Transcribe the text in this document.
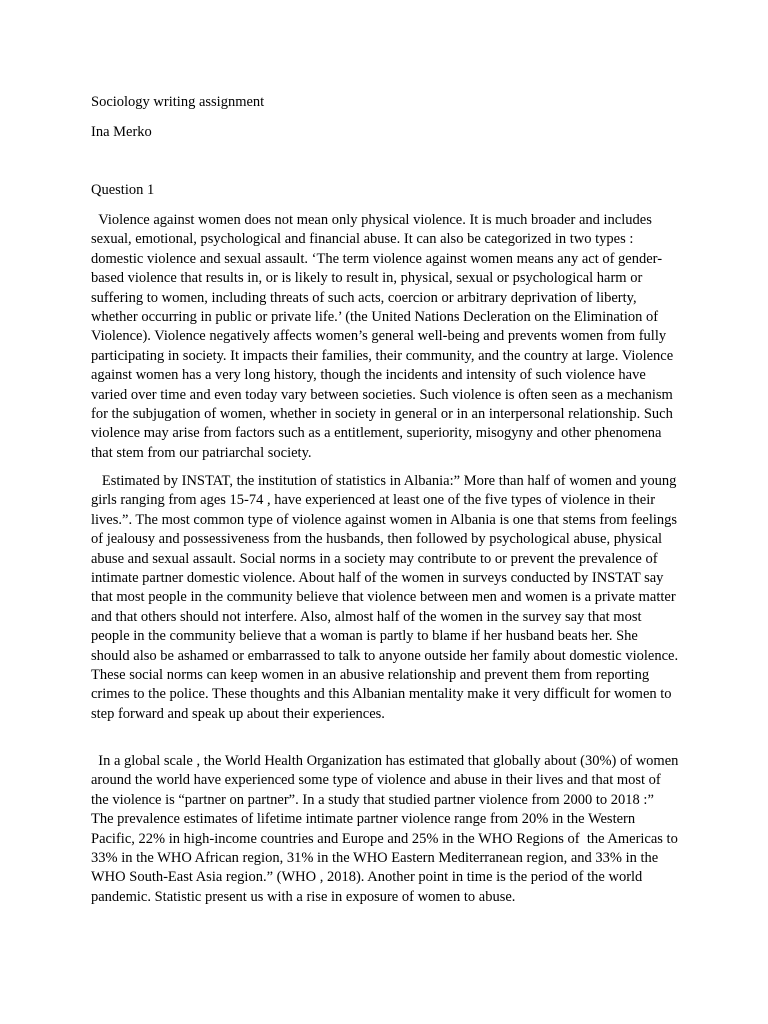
Sociology writing assignment

Ina Merko

Question 1

Violence against women does not mean only physical violence. It is much broader and includes sexual, emotional, psychological and financial abuse. It can also be categorized in two types : domestic violence and sexual assault. ‘The term violence against women means any act of gender-based violence that results in, or is likely to result in, physical, sexual or psychological harm or suffering to women, including threats of such acts, coercion or arbitrary deprivation of liberty, whether occurring in public or private life.’ (the United Nations Decleration on the Elimination of Violence). Violence negatively affects women’s general well-being and prevents women from fully participating in society. It impacts their families, their community, and the country at large. Violence against women has a very long history, though the incidents and intensity of such violence have varied over time and even today vary between societies. Such violence is often seen as a mechanism for the subjugation of women, whether in society in general or in an interpersonal relationship. Such violence may arise from factors such as a entitlement, superiority, misogyny and other phenomena that stem from our patriarchal society.

Estimated by INSTAT, the institution of statistics in Albania:” More than half of women and young girls ranging from ages 15-74 , have experienced at least one of the five types of violence in their lives.”. The most common type of violence against women in Albania is one that stems from feelings of jealousy and possessiveness from the husbands, then followed by psychological abuse, physical abuse and sexual assault. Social norms in a society may contribute to or prevent the prevalence of intimate partner domestic violence. About half of the women in surveys conducted by INSTAT say that most people in the community believe that violence between men and women is a private matter and that others should not interfere. Also, almost half of the women in the survey say that most people in the community believe that a woman is partly to blame if her husband beats her. She should also be ashamed or embarrassed to talk to anyone outside her family about domestic violence. These social norms can keep women in an abusive relationship and prevent them from reporting crimes to the police. These thoughts and this Albanian mentality make it very difficult for women to step forward and speak up about their experiences.

In a global scale , the World Health Organization has estimated that globally about (30%) of women around the world have experienced some type of violence and abuse in their lives and that most of the violence is “partner on partner”. In a study that studied partner violence from 2000 to 2018 :” The prevalence estimates of lifetime intimate partner violence range from 20% in the Western Pacific, 22% in high-income countries and Europe and 25% in the WHO Regions of  the Americas to 33% in the WHO African region, 31% in the WHO Eastern Mediterranean region, and 33% in the WHO South-East Asia region.” (WHO , 2018). Another point in time is the period of the world pandemic. Statistic present us with a rise in exposure of women to abuse.
